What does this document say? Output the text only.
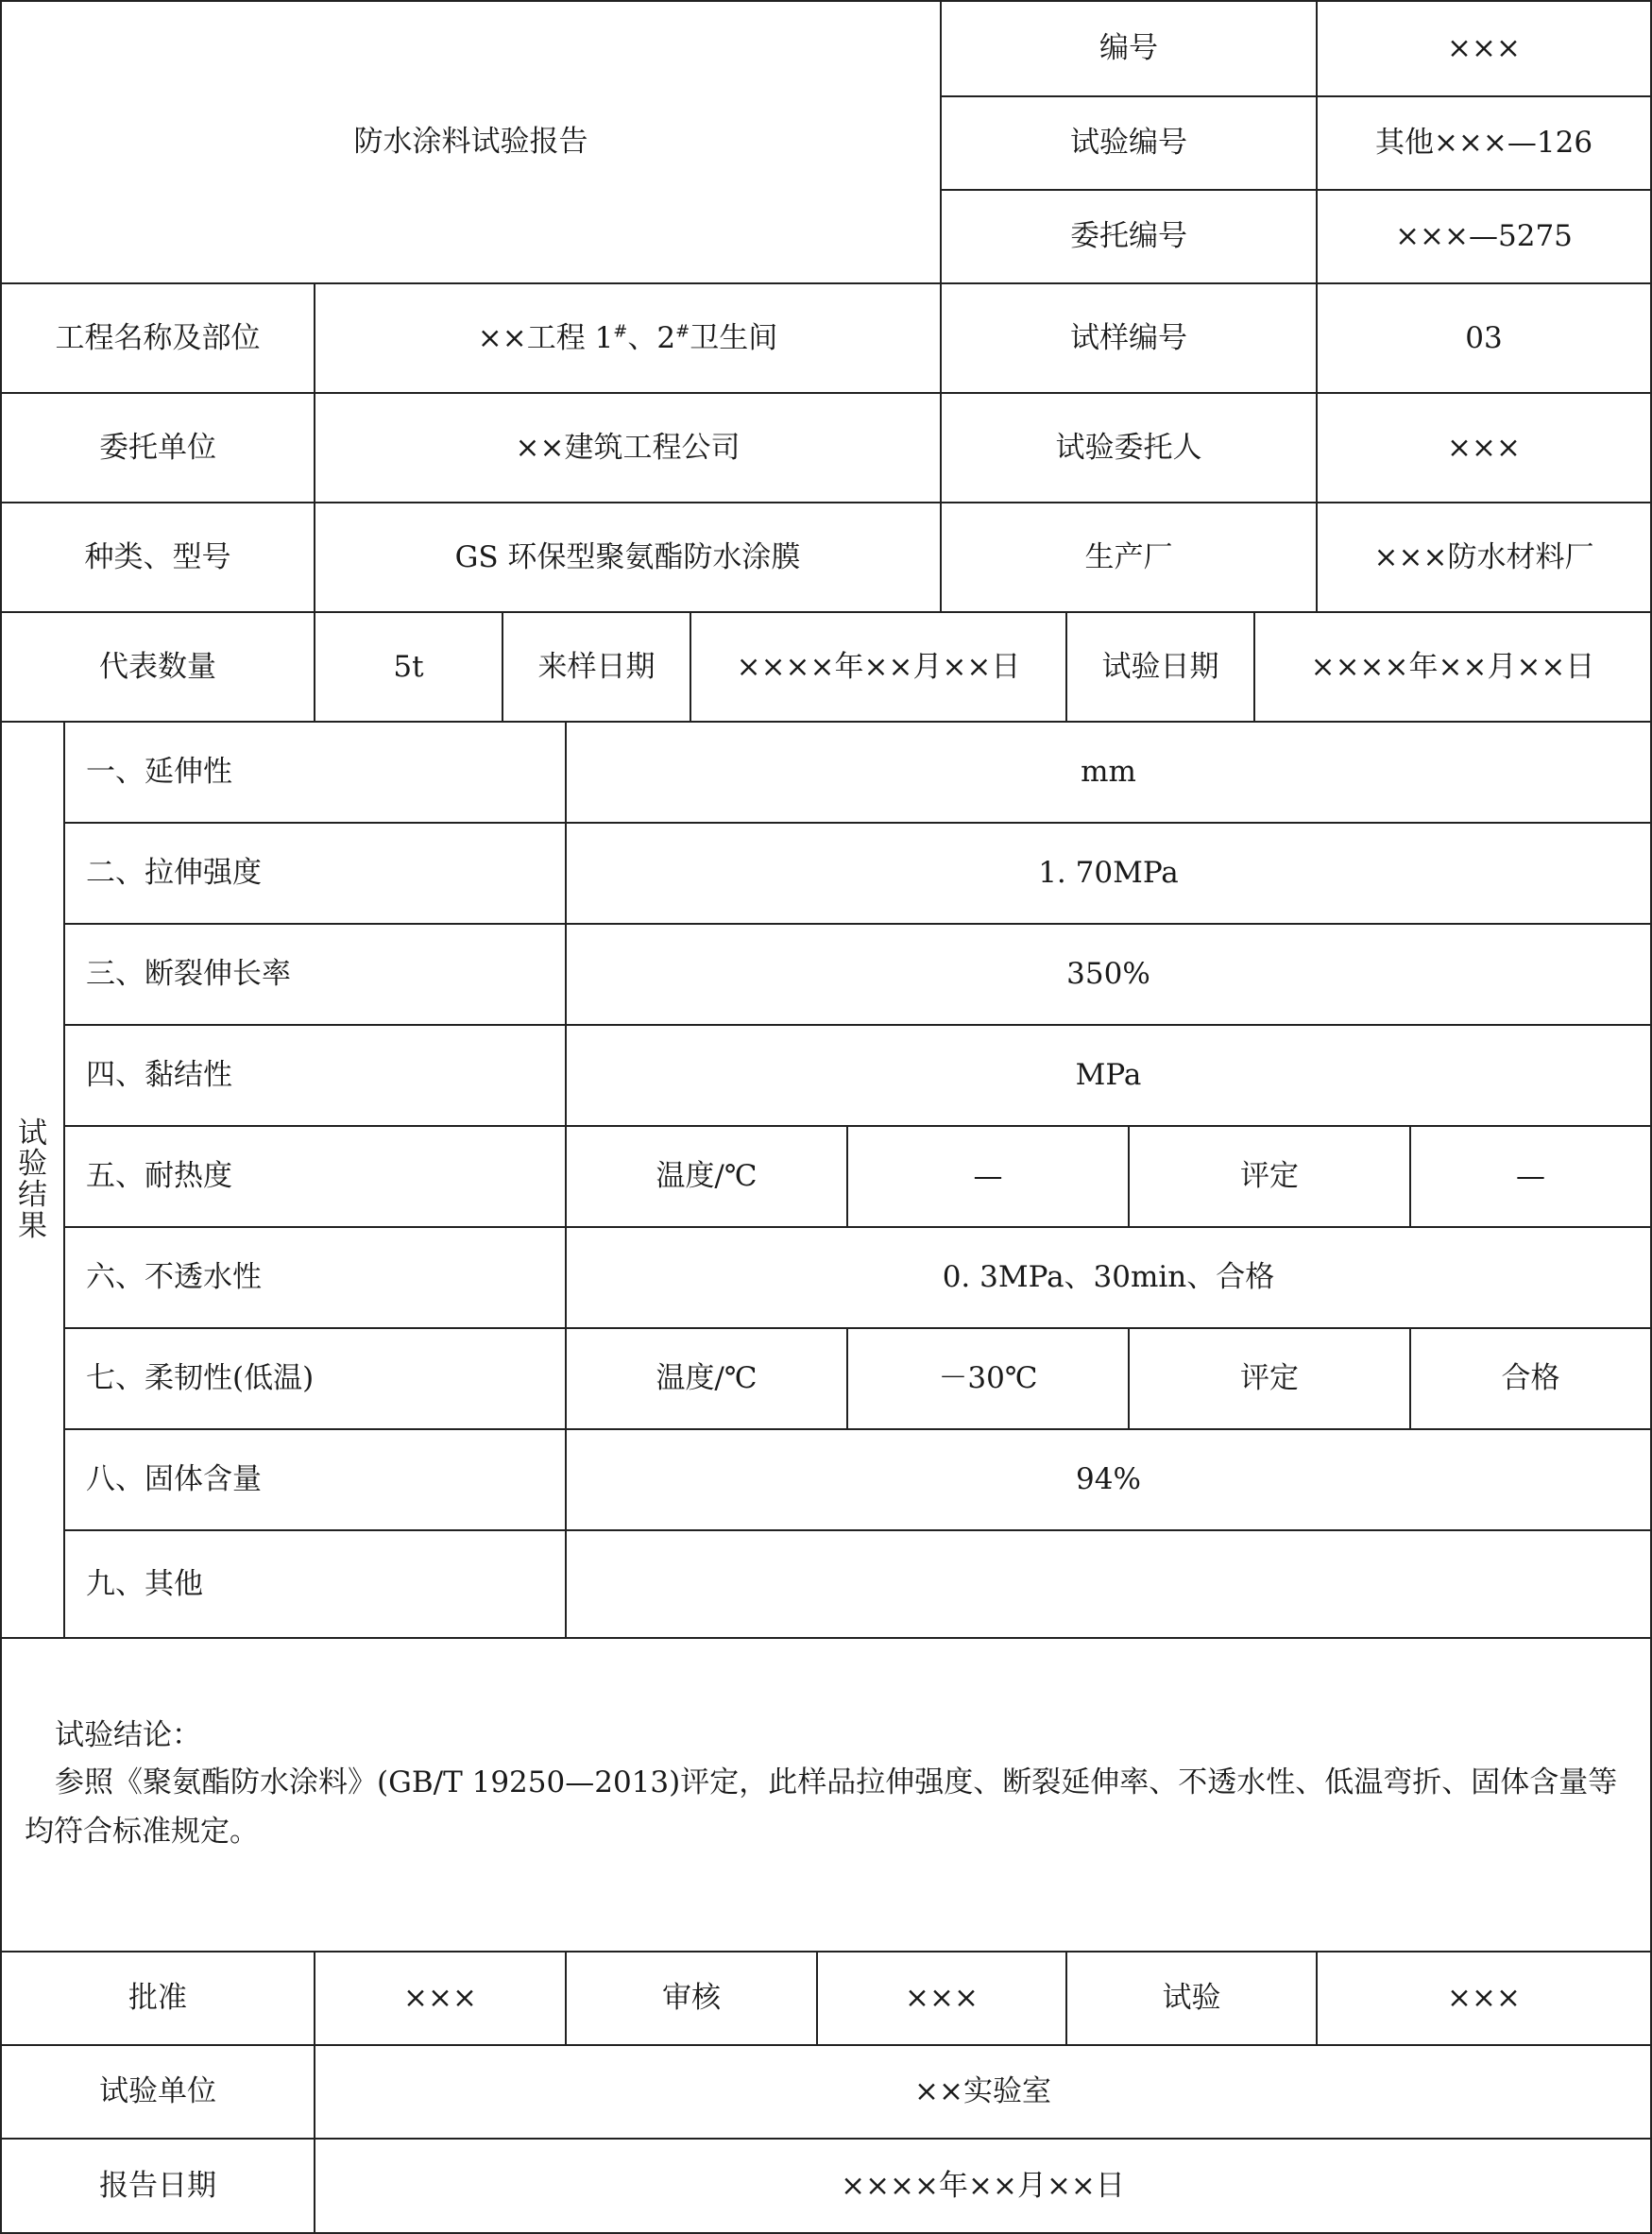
防水涂料试验报告
编号	×××
试验编号	其他×××—126
委托编号	×××—5275
工程名称及部位	××工程 1#、2#卫生间	试样编号	03
委托单位	××建筑工程公司	试验委托人	×××
种类、型号	GS 环保型聚氨酯防水涂膜	生产厂	×××防水材料厂
代表数量	5t	来样日期	××××年××月××日	试验日期	××××年××月××日
试
验
结
果
一、延伸性	mm
二、拉伸强度	1. 70MPa
三、断裂伸长率	350%
四、黏结性	MPa
五、耐热度	温度/℃	—	评定	—
六、不透水性	0. 3MPa、30min、合格
七、柔韧性(低温)	温度/℃	－30℃	评定	合格
八、固体含量	94%
九、其他
试验结论：
参照《聚氨酯防水涂料》(GB/T 19250—2013)评定，此样品拉伸强度、断裂延伸率、不透水性、低温弯折、固体含量等均符合标准规定。
批准	×××	审核	×××	试验	×××
试验单位	××实验室
报告日期	××××年××月××日
